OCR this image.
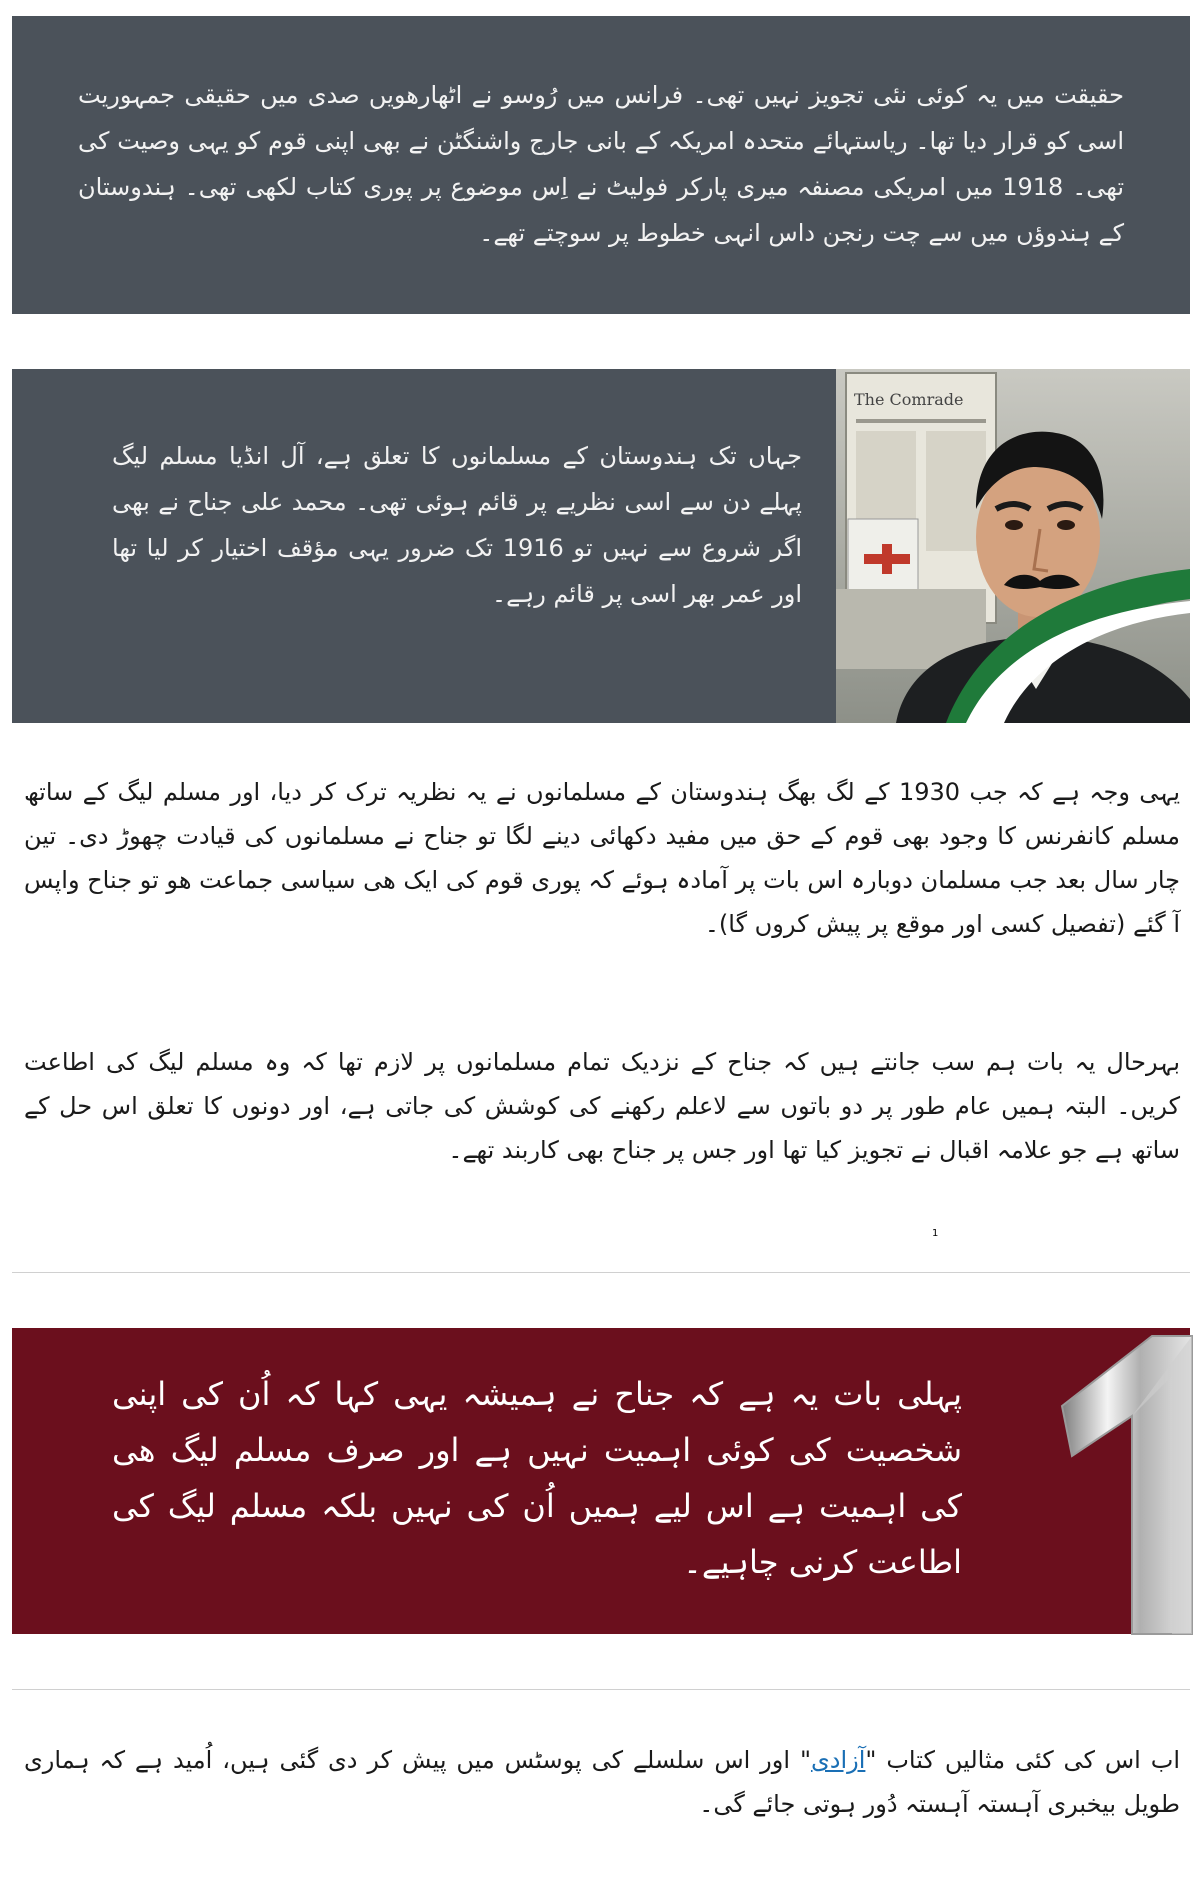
حقیقت میں یہ کوئی نئی تجویز نہیں تھی۔ فرانس میں رُوسو نے اٹھارھویں صدی میں حقیقی جمہوریت اسی کو قرار دیا تھا۔ ریاستہائے متحدہ امریکہ کے بانی جارج واشنگٹن نے بھی اپنی قوم کو یہی وصیت کی تھی۔ 1918 میں امریکی مصنفہ میری پارکر فولیٹ نے اِس موضوع پر پوری کتاب لکھی تھی۔ ہندوستان کے ہندوؤں میں سے چت رنجن داس انہی خطوط پر سوچتے تھے۔

جہاں تک ہندوستان کے مسلمانوں کا تعلق ہے، آل انڈیا مسلم لیگ پہلے دن سے اسی نظریے پر قائم ہوئی تھی۔ محمد علی جناح نے بھی اگر شروع سے نہیں تو 1916 تک ضرور یہی مؤقف اختیار کر لیا تھا اور عمر بھر اسی پر قائم رہے۔

The Comrade

یہی وجہ ہے کہ جب 1930 کے لگ بھگ ہندوستان کے مسلمانوں نے یہ نظریہ ترک کر دیا، اور مسلم لیگ کے ساتھ مسلم کانفرنس کا وجود بھی قوم کے حق میں مفید دکھائی دینے لگا تو جناح نے مسلمانوں کی قیادت چھوڑ دی۔ تین چار سال بعد جب مسلمان دوبارہ اس بات پر آمادہ ہوئے کہ پوری قوم کی ایک ھی سیاسی جماعت ھو تو جناح واپس آ گئے (تفصیل کسی اور موقع پر پیش کروں گا)۔

بہرحال یہ بات ہم سب جانتے ہیں کہ جناح کے نزدیک تمام مسلمانوں پر لازم تھا کہ وہ مسلم لیگ کی اطاعت کریں۔ البتہ ہمیں عام طور پر دو باتوں سے لاعلم رکھنے کی کوشش کی جاتی ہے، اور دونوں کا تعلق اس حل کے ساتھ ہے جو علامہ اقبال نے تجویز کیا تھا اور جس پر جناح بھی کاربند تھے۔

پہلی بات یہ ہے کہ جناح نے ہمیشہ یہی کہا کہ اُن کی اپنی شخصیت کی کوئی اہمیت نہیں ہے اور صرف مسلم لیگ ھی کی اہمیت ہے اس لیے ہمیں اُن کی نہیں بلکہ مسلم لیگ کی اطاعت کرنی چاہیے۔

1

اب اس کی کئی مثالیں کتاب "آزادی" اور اس سلسلے کی پوسٹس میں پیش کر دی گئی ہیں، اُمید ہے کہ ہماری طویل بیخبری آہستہ آہستہ دُور ہوتی جائے گی۔
